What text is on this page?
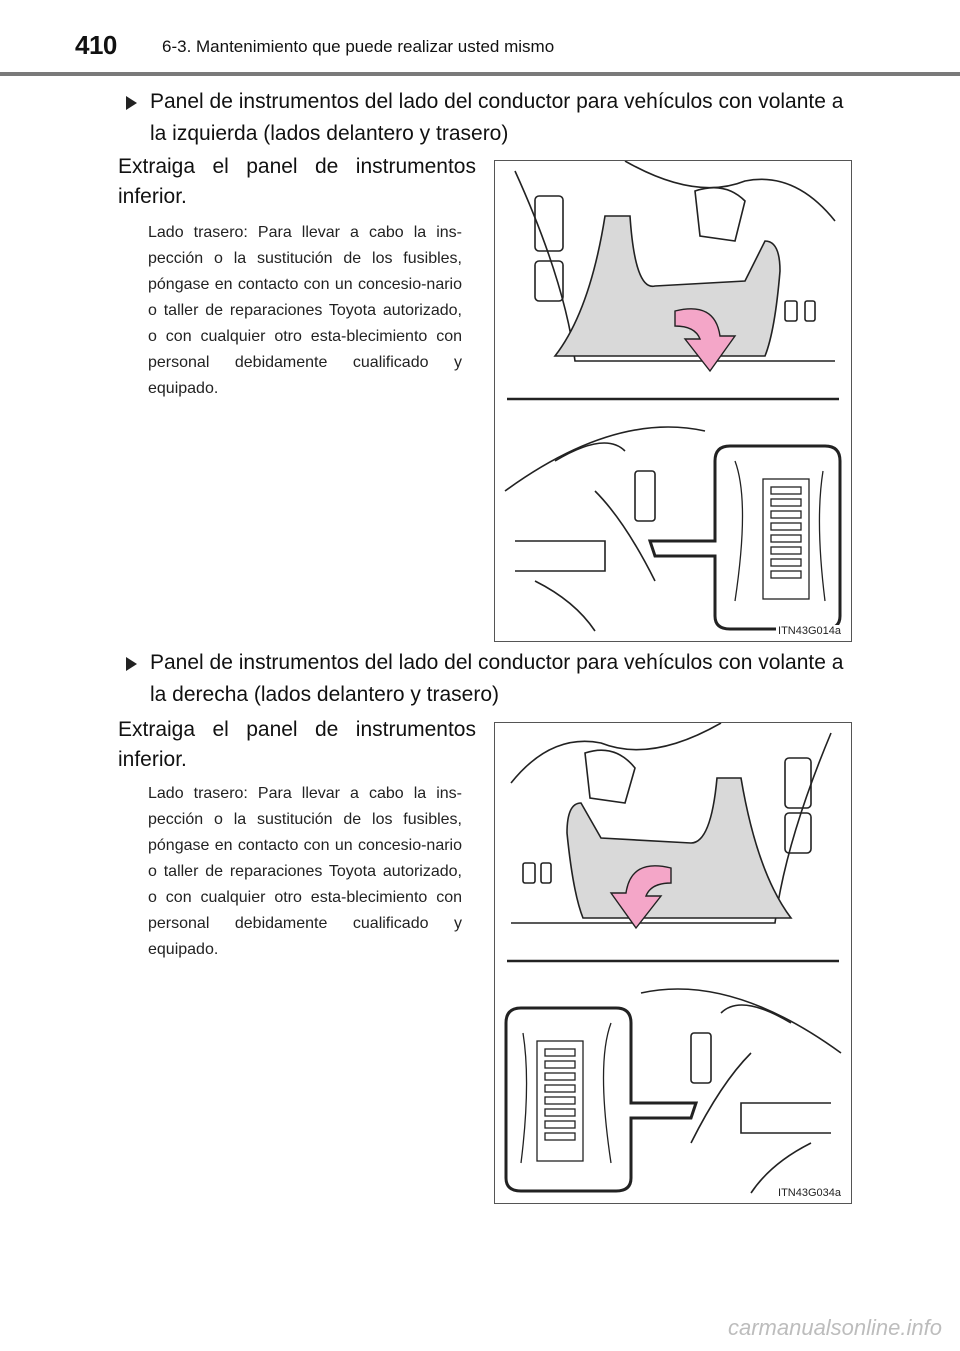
410	6-3. Mantenimiento que puede realizar usted mismo
Panel de instrumentos del lado del conductor para vehículos con volante a la izquierda (lados delantero y trasero)
Extraiga el panel de instrumentos inferior.
Lado trasero: Para llevar a cabo la ins-pección o la sustitución de los fusibles, póngase en contacto con un concesio-nario o taller de reparaciones Toyota autorizado, o con cualquier otro esta-blecimiento con personal debidamente cualificado y equipado.
ITN43G014a
Panel de instrumentos del lado del conductor para vehículos con volante a la derecha (lados delantero y trasero)
Extraiga el panel de instrumentos inferior.
Lado trasero: Para llevar a cabo la ins-pección o la sustitución de los fusibles, póngase en contacto con un concesio-nario o taller de reparaciones Toyota autorizado, o con cualquier otro esta-blecimiento con personal debidamente cualificado y equipado.
ITN43G034a
carmanualsonline.info
